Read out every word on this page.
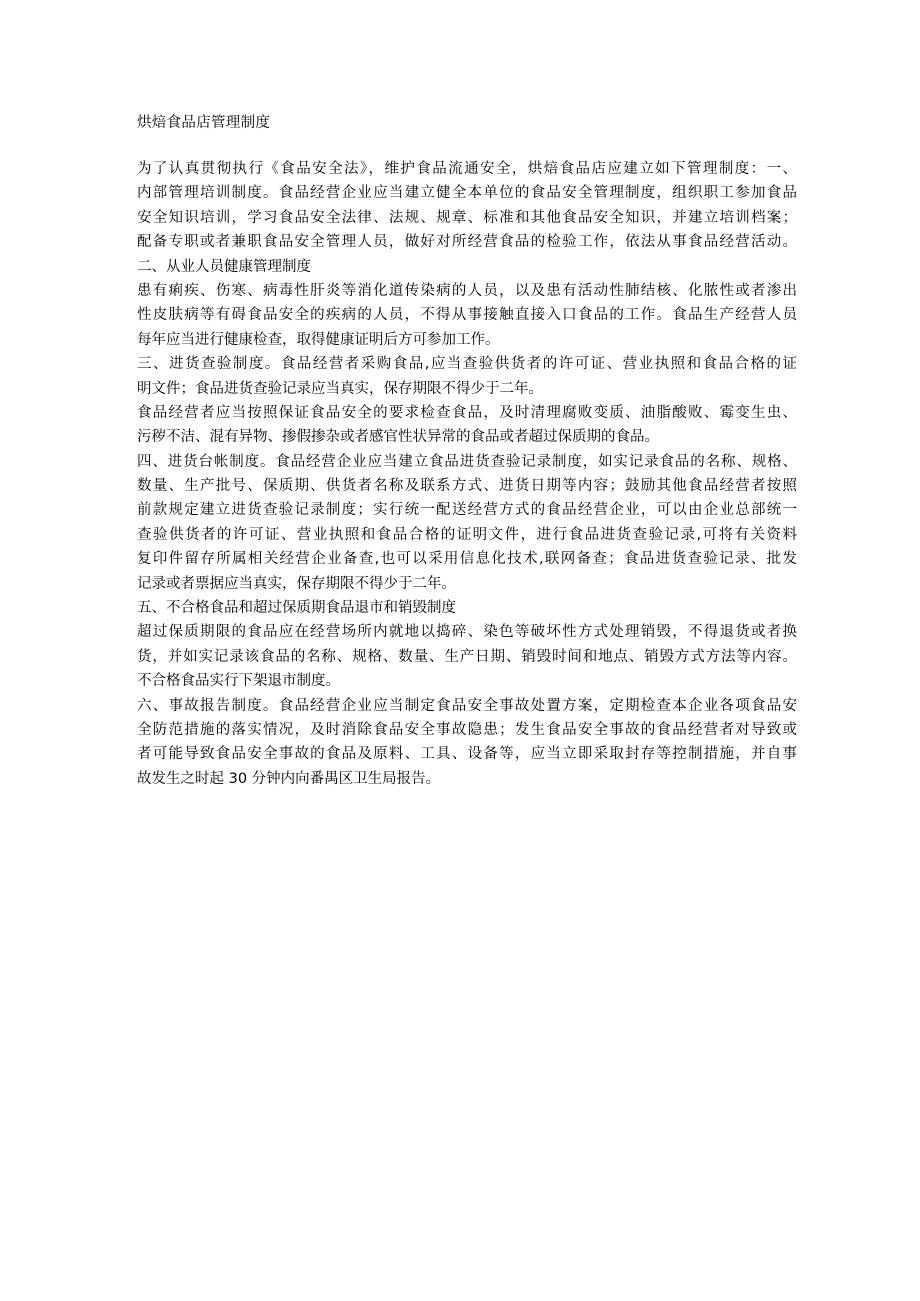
烘焙食品店管理制度
为了认真贯彻执行《食品安全法》，维护食品流通安全，烘焙食品店应建立如下管理制度：一、
内部管理培训制度。食品经营企业应当建立健全本单位的食品安全管理制度，组织职工参加食品
安全知识培训，学习食品安全法律、法规、规章、标准和其他食品安全知识，并建立培训档案；
配备专职或者兼职食品安全管理人员，做好对所经营食品的检验工作，依法从事食品经营活动。
二、从业人员健康管理制度
患有痢疾、伤寒、病毒性肝炎等消化道传染病的人员，以及患有活动性肺结核、化脓性或者渗出
性皮肤病等有碍食品安全的疾病的人员，不得从事接触直接入口食品的工作。食品生产经营人员
每年应当进行健康检查，取得健康证明后方可参加工作。
三、进货查验制度。食品经营者采购食品,应当查验供货者的许可证、营业执照和食品合格的证
明文件；食品进货查验记录应当真实，保存期限不得少于二年。
食品经营者应当按照保证食品安全的要求检查食品，及时清理腐败变质、油脂酸败、霉变生虫、
污秽不洁、混有异物、掺假掺杂或者感官性状异常的食品或者超过保质期的食品。
四、进货台帐制度。食品经营企业应当建立食品进货查验记录制度，如实记录食品的名称、规格、
数量、生产批号、保质期、供货者名称及联系方式、进货日期等内容；鼓励其他食品经营者按照
前款规定建立进货查验记录制度；实行统一配送经营方式的食品经营企业，可以由企业总部统一
查验供货者的许可证、营业执照和食品合格的证明文件，进行食品进货查验记录,可将有关资料
复印件留存所属相关经营企业备查,也可以采用信息化技术,联网备查；食品进货查验记录、批发
记录或者票据应当真实，保存期限不得少于二年。
五、不合格食品和超过保质期食品退市和销毁制度
超过保质期限的食品应在经营场所内就地以捣碎、染色等破坏性方式处理销毁，不得退货或者换
货，并如实记录该食品的名称、规格、数量、生产日期、销毁时间和地点、销毁方式方法等内容。
不合格食品实行下架退市制度。
六、事故报告制度。食品经营企业应当制定食品安全事故处置方案，定期检查本企业各项食品安
全防范措施的落实情况，及时消除食品安全事故隐患；发生食品安全事故的食品经营者对导致或
者可能导致食品安全事故的食品及原料、工具、设备等，应当立即采取封存等控制措施，并自事
故发生之时起 30 分钟内向番禺区卫生局报告。
